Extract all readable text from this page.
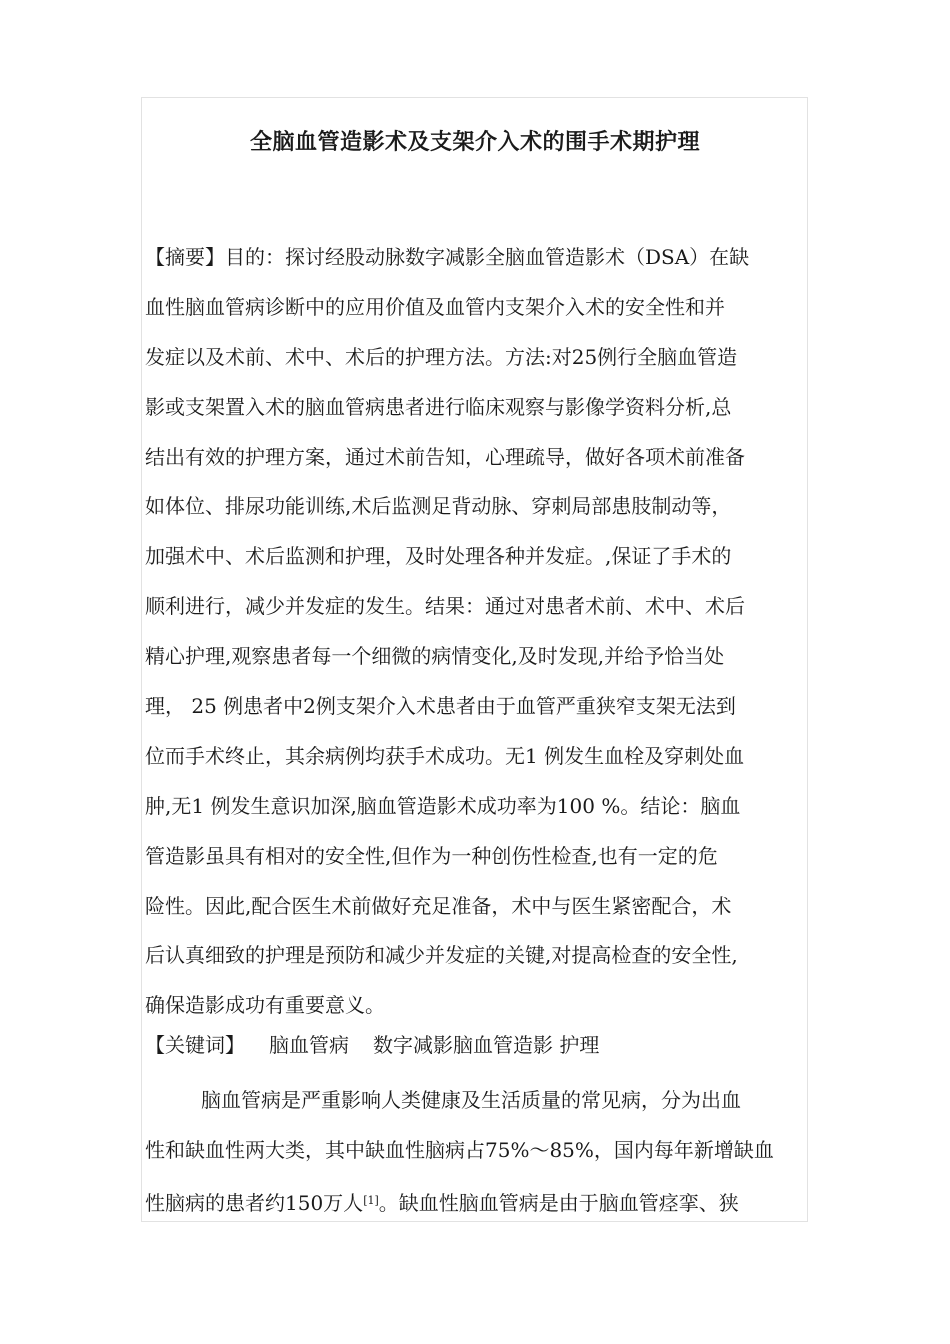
全脑血管造影术及支架介入术的围手术期护理
【摘要】目的：探讨经股动脉数字减影全脑血管造影术（DSA）在缺
血性脑血管病诊断中的应用价值及血管内支架介入术的安全性和并
发症以及术前、术中、术后的护理方法。方法:对25例行全脑血管造
影或支架置入术的脑血管病患者进行临床观察与影像学资料分析,总
结出有效的护理方案，通过术前告知，心理疏导，做好各项术前准备
如体位、排尿功能训练,术后监测足背动脉、穿刺局部患肢制动等，
加强术中、术后监测和护理，及时处理各种并发症。,保证了手术的
顺利进行，减少并发症的发生。结果：通过对患者术前、术中、术后
精心护理,观察患者每一个细微的病情变化,及时发现,并给予恰当处
理， 25 例患者中2例支架介入术患者由于血管严重狭窄支架无法到
位而手术终止，其余病例均获手术成功。无1 例发生血栓及穿刺处血
肿,无1 例发生意识加深,脑血管造影术成功率为100 %。结论：脑血
管造影虽具有相对的安全性,但作为一种创伤性检查,也有一定的危
险性。因此,配合医生术前做好充足准备，术中与医生紧密配合，术
后认真细致的护理是预防和减少并发症的关键,对提高检查的安全性,
确保造影成功有重要意义。
【关键词】 脑血管病 数字减影脑血管造影 护理
脑血管病是严重影响人类健康及生活质量的常见病，分为出血
性和缺血性两大类，其中缺血性脑病占75%～85%，国内每年新增缺血
性脑病的患者约150万人[1]。缺血性脑血管病是由于脑血管痉挛、狭
